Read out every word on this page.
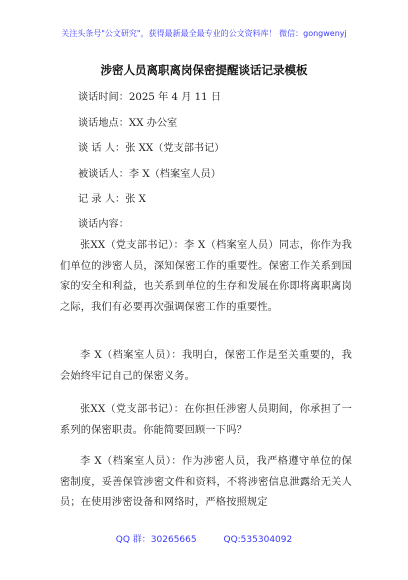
关注头条号"公文研究"，获得最新最全最专业的公文资料库！ 微信：gongwenyj
涉密人员离职离岗保密提醒谈话记录模板
谈话时间：2025 年 4 月 11 日
谈话地点：XX 办公室
谈 话 人：张 XX（党支部书记）
被谈话人：李 X（档案室人员）
记 录 人：张 X
谈话内容：
张XX（党支部书记）：李 X（档案室人员）同志，你作为我们单位的涉密人员，深知保密工作的重要性。保密工作关系到国家的安全和利益，也关系到单位的生存和发展在你即将离职离岗之际，我们有必要再次强调保密工作的重要性。
李 X（档案室人员）：我明白，保密工作是至关重要的，我会始终牢记自己的保密义务。
张XX（党支部书记）：在你担任涉密人员期间，你承担了一系列的保密职责。你能简要回顾一下吗？
李 X（档案室人员）：作为涉密人员，我严格遵守单位的保密制度，妥善保管涉密文件和资料，不将涉密信息泄露给无关人员；在使用涉密设备和网络时，严格按照规定
QQ 群：30265665	QQ:535304092
